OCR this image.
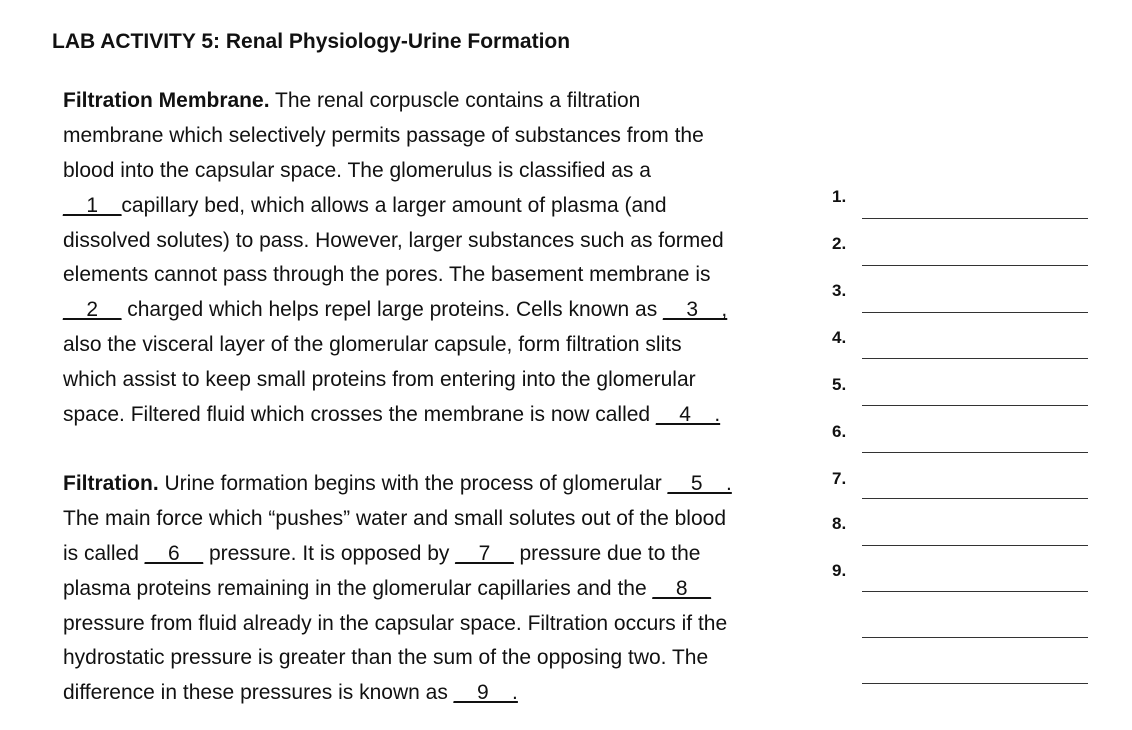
LAB ACTIVITY 5: Renal Physiology-Urine Formation
Filtration Membrane. The renal corpuscle contains a filtration
membrane which selectively permits passage of substances from the
blood into the capsular space. The glomerulus is classified as a
__1__capillary bed, which allows a larger amount of plasma (and
dissolved solutes) to pass. However, larger substances such as formed
elements cannot pass through the pores. The basement membrane is
__2__ charged which helps repel large proteins. Cells known as __3__,
also the visceral layer of the glomerular capsule, form filtration slits
which assist to keep small proteins from entering into the glomerular
space. Filtered fluid which crosses the membrane is now called __4__.
Filtration. Urine formation begins with the process of glomerular __5__.
The main force which “pushes” water and small solutes out of the blood
is called __6__ pressure. It is opposed by __7__ pressure due to the
plasma proteins remaining in the glomerular capillaries and the __8__
pressure from fluid already in the capsular space. Filtration occurs if the
hydrostatic pressure is greater than the sum of the opposing two. The
difference in these pressures is known as __9__.
1.
2.
3.
4.
5.
6.
7.
8.
9.
